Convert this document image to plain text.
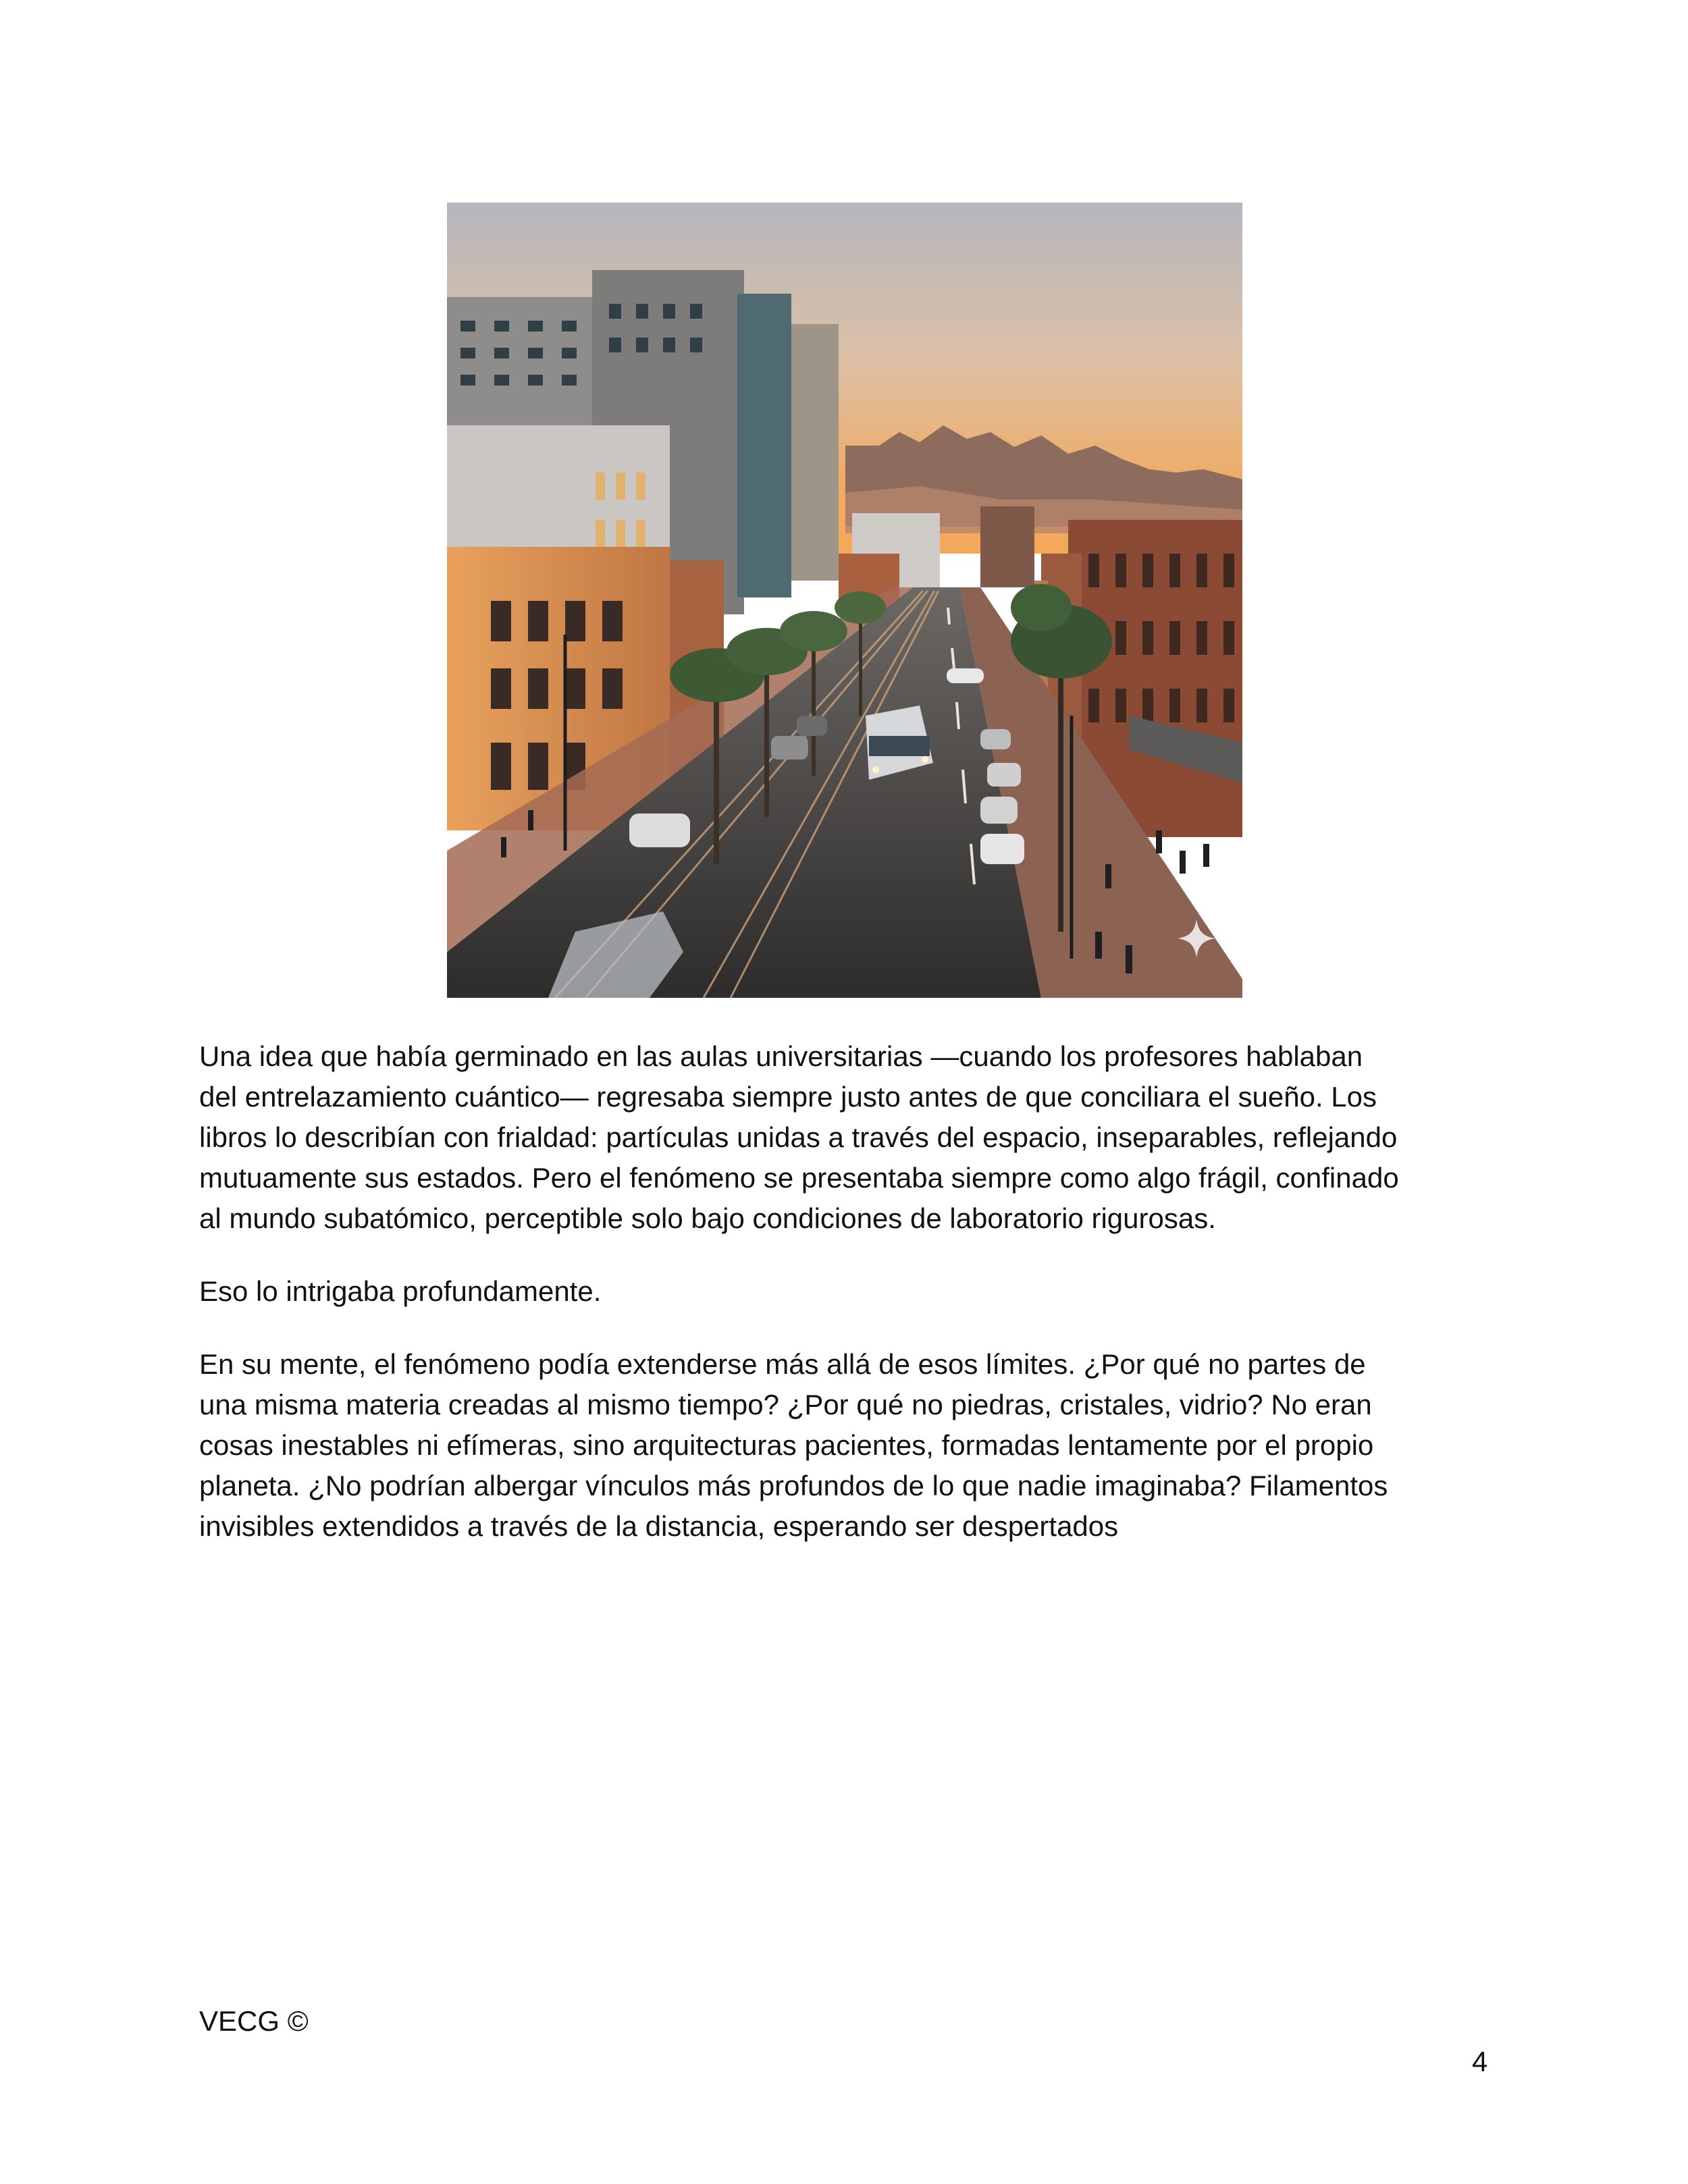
Una idea que había germinado en las aulas universitarias —cuando los profesores hablaban
del entrelazamiento cuántico— regresaba siempre justo antes de que conciliara el sueño. Los
libros lo describían con frialdad: partículas unidas a través del espacio, inseparables, reflejando
mutuamente sus estados. Pero el fenómeno se presentaba siempre como algo frágil, confinado
al mundo subatómico, perceptible solo bajo condiciones de laboratorio rigurosas.

Eso lo intrigaba profundamente.

En su mente, el fenómeno podía extenderse más allá de esos límites. ¿Por qué no partes de
una misma materia creadas al mismo tiempo? ¿Por qué no piedras, cristales, vidrio? No eran
cosas inestables ni efímeras, sino arquitecturas pacientes, formadas lentamente por el propio
planeta. ¿No podrían albergar vínculos más profundos de lo que nadie imaginaba? Filamentos
invisibles extendidos a través de la distancia, esperando ser despertados

VECG ©
4
